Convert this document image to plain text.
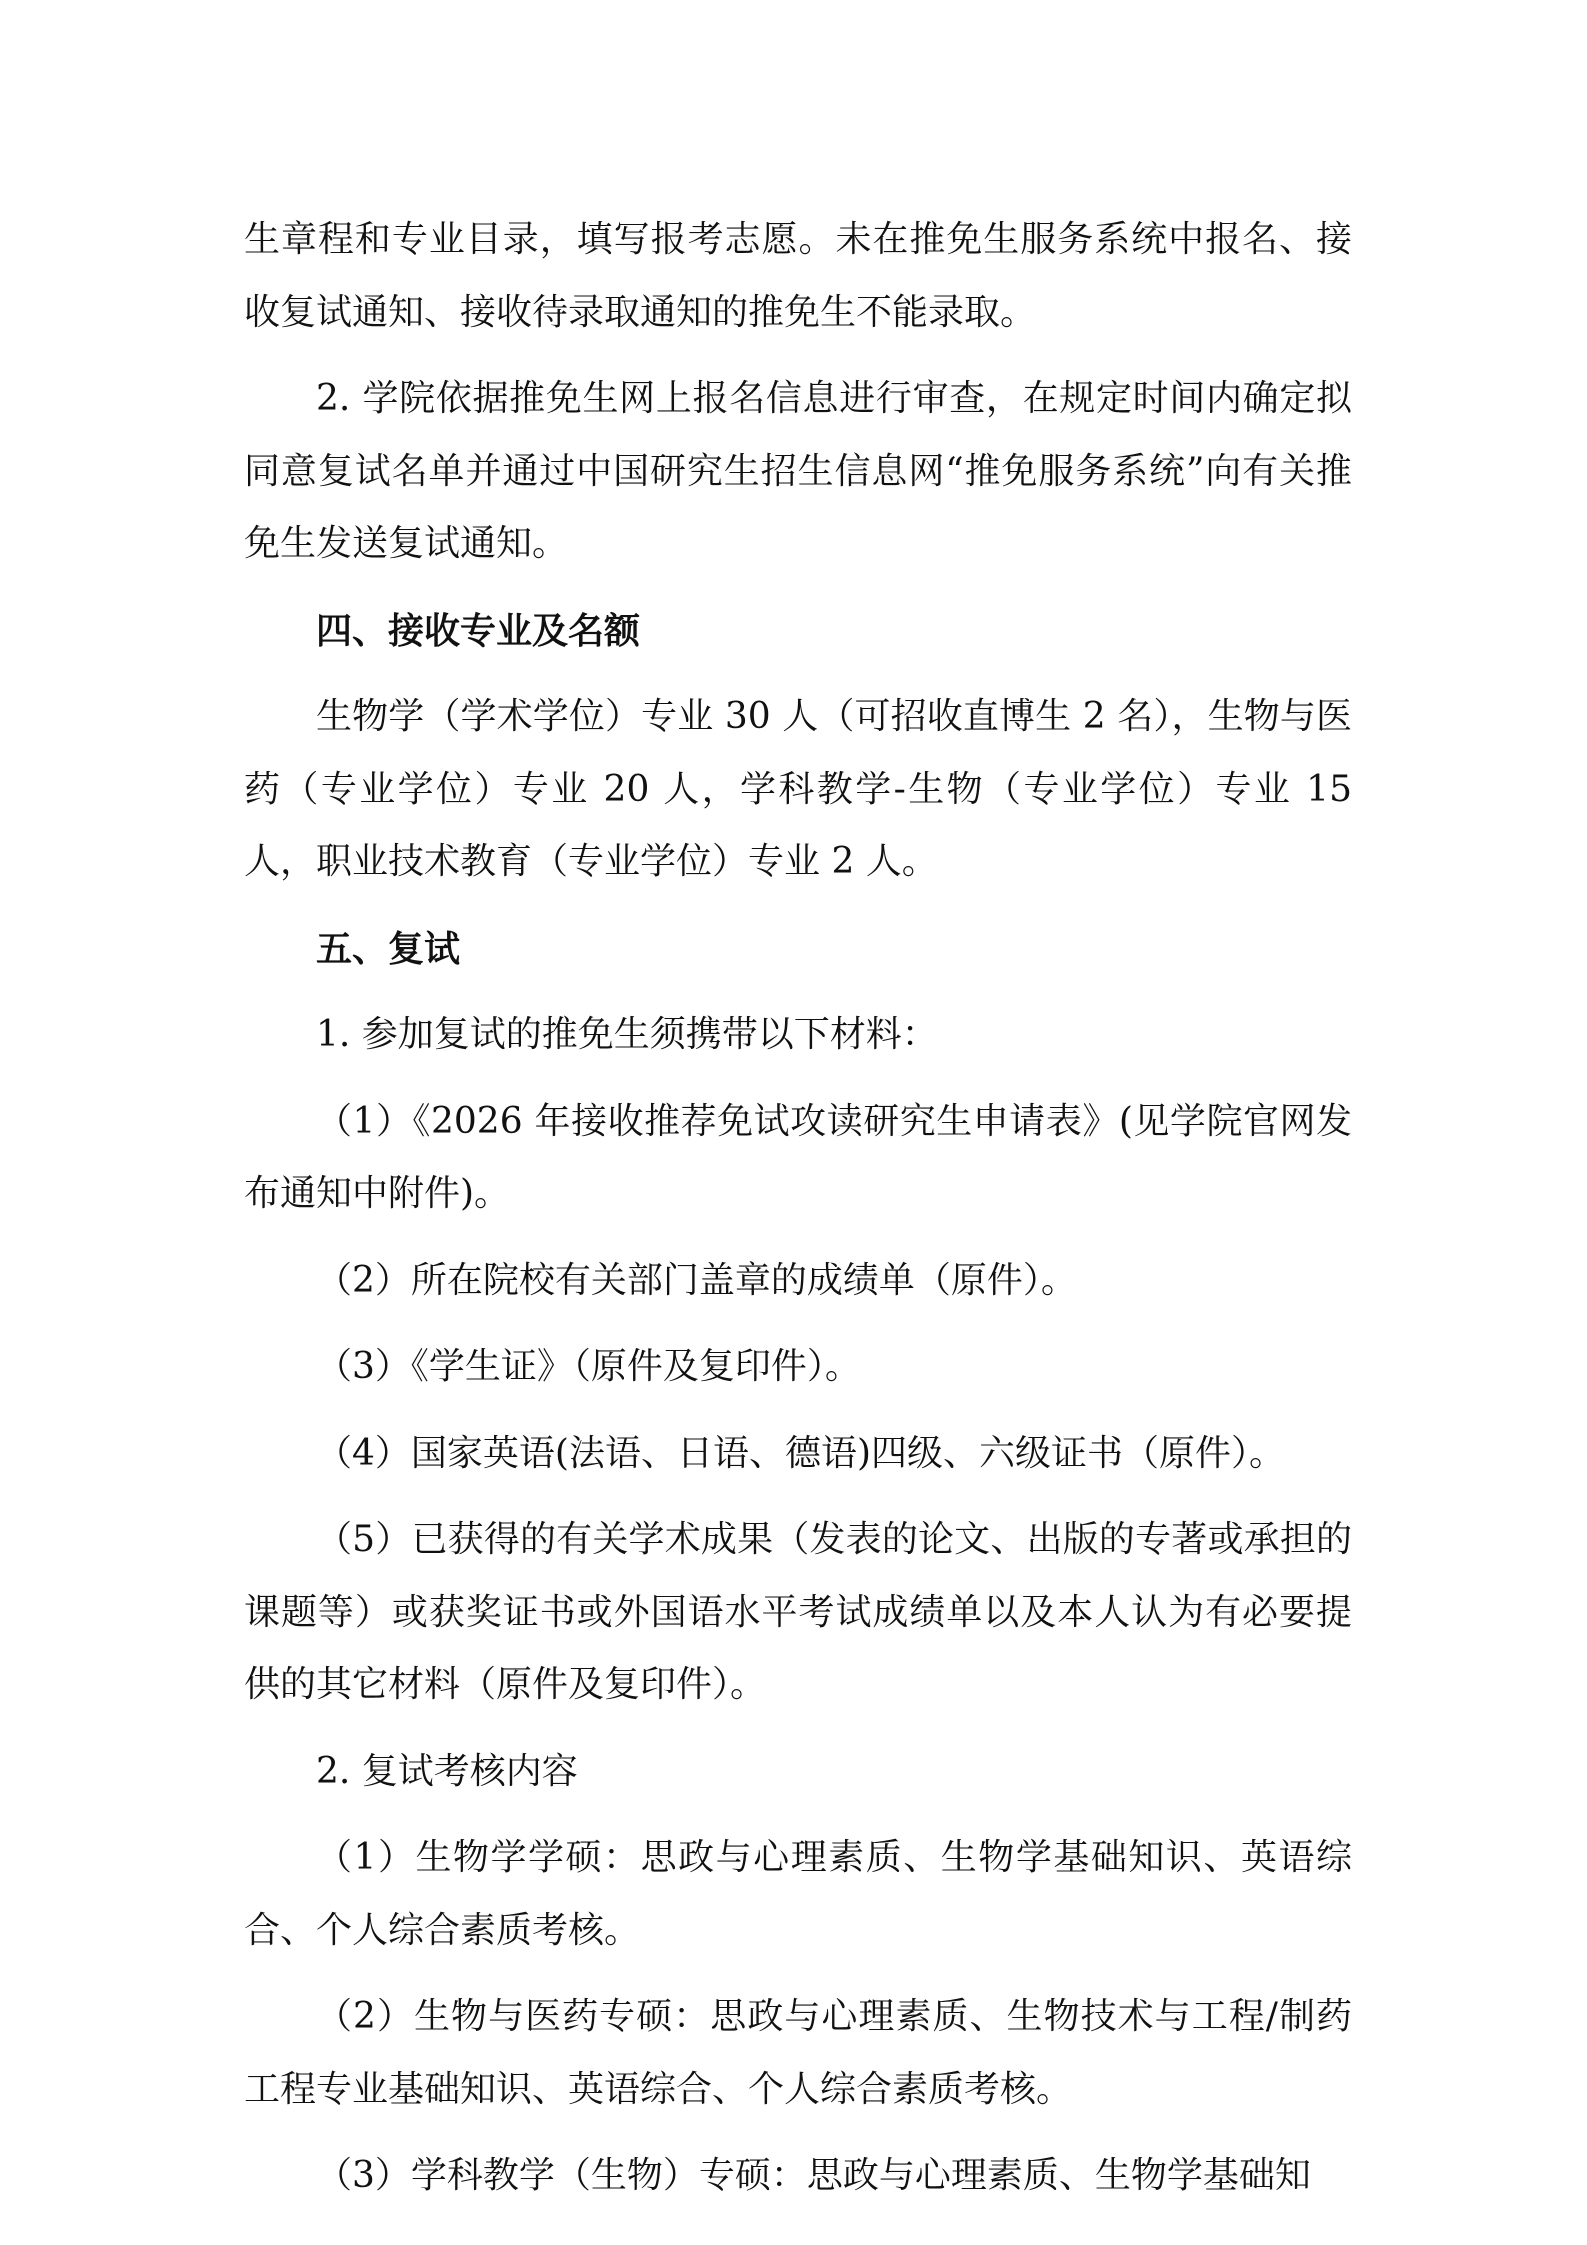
生章程和专业目录，填写报考志愿。未在推免生服务系统中报名、接收复试通知、接收待录取通知的推免生不能录取。

2. 学院依据推免生网上报名信息进行审查，在规定时间内确定拟同意复试名单并通过中国研究生招生信息网“推免服务系统”向有关推免生发送复试通知。

四、接收专业及名额

生物学（学术学位）专业 30 人（可招收直博生 2 名），生物与医药（专业学位）专业 20 人，学科教学-生物（专业学位）专业 15 人，职业技术教育（专业学位）专业 2 人。

五、复试

1. 参加复试的推免生须携带以下材料：

（1）《2026 年接收推荐免试攻读研究生申请表》(见学院官网发布通知中附件)。

（2）所在院校有关部门盖章的成绩单（原件）。

（3）《学生证》（原件及复印件）。

（4）国家英语(法语、日语、德语)四级、六级证书（原件）。

（5）已获得的有关学术成果（发表的论文、出版的专著或承担的课题等）或获奖证书或外国语水平考试成绩单以及本人认为有必要提供的其它材料（原件及复印件）。

2. 复试考核内容

（1）生物学学硕：思政与心理素质、生物学基础知识、英语综合、个人综合素质考核。

（2）生物与医药专硕：思政与心理素质、生物技术与工程/制药工程专业基础知识、英语综合、个人综合素质考核。

（3）学科教学（生物）专硕：思政与心理素质、生物学基础知
